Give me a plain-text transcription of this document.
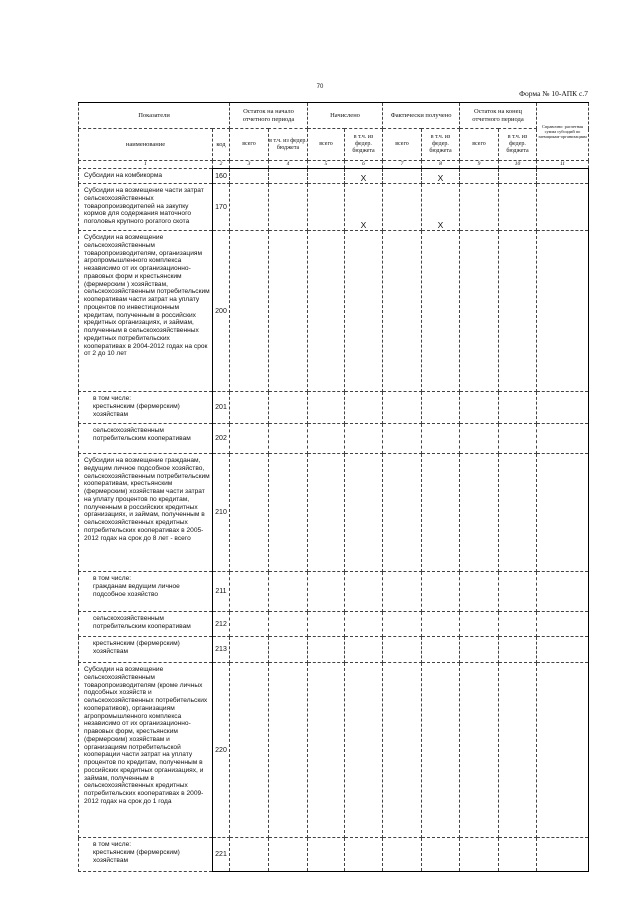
70
Форма № 10-АПК с.7
Показатели		Остаток на начало отчетного периода		Начислено		Фактически получено		Остаток на конец отчетного периода		Справочно: расчетная сумма субсидий по заемщикам-организациям
наименование	код	всего	в т.ч. из федер. бюджета	всего	в т.ч. из федер. бюджета	всего	в т.ч. из федер. бюджета	всего	в т.ч. из федер. бюджета	
1	2	3	4	5	6	7	8	9	10	11
Субсидии на комбикорма	160				X		X			
Субсидии на возмещение части затрат сельскохозяйственных товаропроизводителей на закупку кормов для содержания маточного поголовья крупного рогатого скота	170				X		X			
Субсидии на возмещение сельскохозяйственным товаропроизводителям, организациям агропромышленного комплекса независимо от их организационно-правовых форм и крестьянским (фермерским ) хозяйствам, сельскохозяйственным потребительским кооперативам части затрат на уплату процентов по инвестиционным кредитам, полученным в российских кредитных организациях, и займам, полученным в сельскохозяйственных кредитных потребительских кооперативах в 2004-2012 годах на срок от 2 до 10 лет	200									
в том числе:
крестьянским (фермерским) хозяйствам	201									
сельскохозяйственным потребительским кооперативам	202									
Субсидии на возмещение гражданам, ведущим личное подсобное хозяйство, сельскохозяйственным потребительским кооперативам, крестьянским (фермерским) хозяйствам части затрат на уплату процентов по кредитам, полученным в российских кредитных организациях, и займам, полученным в сельскохозяйственных кредитных потребительских кооперативах в 2005-2012 годах на срок до 8 лет - всего	210									
в том числе:
гражданам ведущим личное подсобное хозяйство	211									
сельскохозяйственным потребительским кооперативам	212									
крестьянским (фермерским) хозяйствам	213									
Субсидии на возмещение сельскохозяйственным товаропроизводителям (кроме личных подсобных хозяйств и сельскохозяйственных потребительских кооперативов), организациям агропромышленного комплекса независимо от их организационно-правовых форм, крестьянским (фермерским) хозяйствам и организациям потребительской кооперации части затрат на уплату процентов по кредитам, полученным в российских кредитных организациях, и займам, полученным в сельскохозяйственных кредитных потребительских кооперативах в 2009-2012 годах на срок до 1 года	220									
в том числе:
крестьянским (фермерским) хозяйствам	221									
